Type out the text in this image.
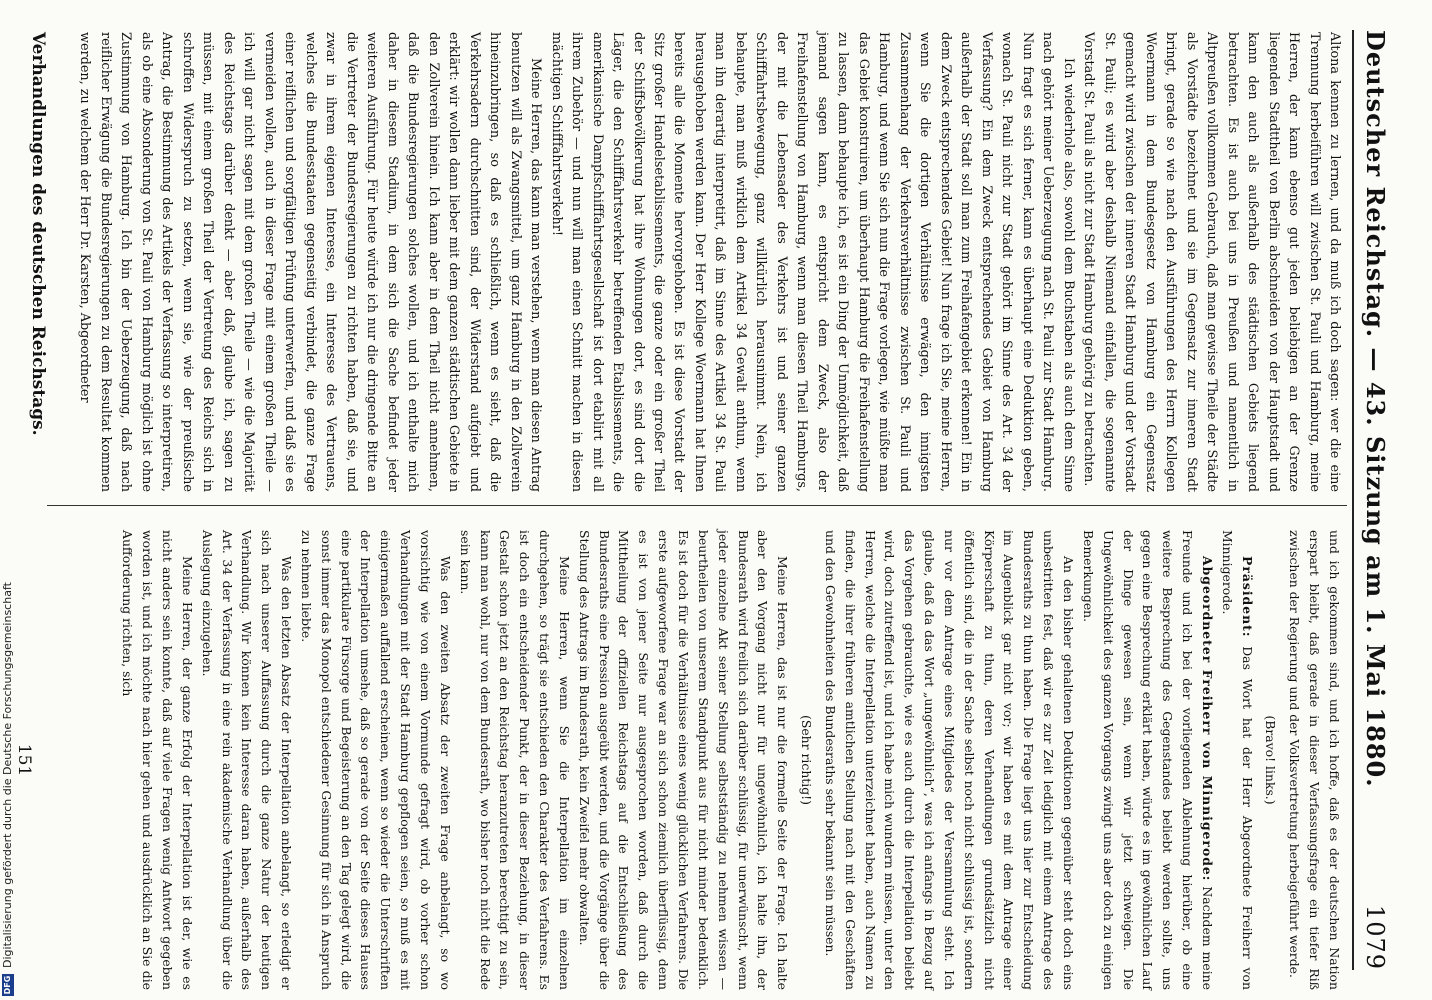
Deutscher Reichstag. — 43. Sitzung am 1. Mai 1880.
1079

Altona kennen zu lernen, und da muß ich doch sagen: wer die eine Trennung herbeiführen will zwischen St. Pauli und Hamburg, meine Herren, der kann ebenso gut jeden beliebigen an der Grenze liegenden Stadttheil von Berlin abschneiden von der Hauptstadt und kann den auch als außerhalb des städtischen Gebiets liegend betrachten. Es ist auch bei uns in Preußen und namentlich in Altpreußen vollkommen Gebrauch, daß man gewisse Theile der Städte als Vorstädte bezeichnet und sie im Gegensatz zur inneren Stadt bringt, gerade so wie nach den Ausführungen des Herrn Kollegen Woermann in dem Bundesgesetz von Hamburg ein Gegensatz gemacht wird zwischen der inneren Stadt Hamburg und der Vorstadt St. Pauli; es wird aber deshalb Niemand einfallen, die sogenannte Vorstadt St. Pauli als nicht zur Stadt Hamburg gehörig zu betrachten.

Ich wiederhole also, sowohl dem Buchstaben als auch dem Sinne nach gehört meiner Ueberzeugung nach St. Pauli zur Stadt Hamburg. Nun fragt es sich ferner, kann es überhaupt eine Deduktion geben, wonach St. Pauli nicht zur Stadt gehört im Sinne des Art. 34 der Verfassung? Ein dem Zweck entsprechendes Gebiet von Hamburg außerhalb der Stadt soll man zum Freihafengebiet erkennen! Ein in dem Zweck entsprechendes Gebiet! Nun frage ich Sie, meine Herren, wenn Sie die dortigen Verhältnisse erwägen, den innigsten Zusammenhang der Verkehrsverhältnisse zwischen St. Pauli und Hamburg, und wenn Sie sich nun die Frage vorlegen, wie müßte man das Gebiet konstruiren, um überhaupt Hamburg die Freihafenstellung zu lassen, dann behaupte ich, es ist ein Ding der Unmöglichkeit, daß jemand sagen kann, es entspricht dem Zweck, also der Freihafenstellung von Hamburg, wenn man diesen Theil Hamburgs, der mit die Lebensader des Verkehrs ist und seiner ganzen Schifffahrtsbewegung, ganz willkürlich herausnimmt. Nein, ich behaupte, man muß wirklich dem Artikel 34 Gewalt anthun, wenn man ihn derartig interpretirt, daß im Sinne des Artikel 34 St. Pauli herausgehoben werden kann. Der Herr Kollege Woermann hat Ihnen bereits alle die Momente hervorgehoben. Es ist diese Vorstadt der Sitz großer Handelsetablissements, die ganze oder ein großer Theil der Schiffsbevölkerung hat ihre Wohnungen dort, es sind dort die Läger, die den Schifffahrtsverkehr betreffenden Etablissements, die amerikanische Dampfschifffahrtsgesellschaft ist dort etablirt mit all ihrem Zubehör — und nun will man einen Schnitt machen in diesen mächtigen Schifffahrtsverkehr!

Meine Herren, das kann man verstehen, wenn man diesen Antrag benutzen will als Zwangsmittel, um ganz Hamburg in den Zollverein hineinzubringen, so daß es schließlich, wenn es sieht, daß die Verkehrsadern durchschnitten sind, der Widerstand aufgiebt und erklärt: wir wollen dann lieber mit dem ganzen städtischen Gebiete in den Zollverein hinein. Ich kann aber in dem Theil nicht annehmen, daß die Bundesregierungen solches wollen, und ich enthalte mich daher in diesem Stadium, in dem sich die Sache befindet jeder weiteren Ausführung. Für heute würde ich nur die dringende Bitte an die Vertreter der Bundesregierungen zu richten haben, daß sie, und zwar in ihrem eigenen Interesse, ein Interesse des Vertrauens, welches die Bundesstaaten gegenseitig verbindet, die ganze Frage einer reiflichen und sorgfältigen Prüfung unterwerfen, und daß sie es vermeiden wollen, auch in dieser Frage mit einem großen Theile — ich will gar nicht sagen mit dem großen Theile — wie die Majorität des Reichstags darüber denkt — aber daß, glaube ich, sagen zu müssen, mit einem großen Theil der Vertretung des Reichs sich in schroffen Widerspruch zu setzen, wenn sie, wie der preußische Antrag, die Bestimmung des Artikels der Verfassung so interpretiren, als ob eine Absonderung von St. Pauli von Hamburg möglich ist ohne Zustimmung von Hamburg. Ich bin der Ueberzeugung, daß nach reiflicher Erwägung die Bundesregierungen zu dem Resultat kommen werden, zu welchem der Herr Dr. Karsten, Abgeordneter

und ich gekommen sind, und ich hoffe, daß es der deutschen Nation erspart bleibt, daß gerade in dieser Verfassungsfrage ein tiefer Riß zwischen der Regierung und der Volksvertretung herbeigeführt werde.

(Bravo! links.)

Präsident: Das Wort hat der Herr Abgeordnete Freiherr von Minnigerode.

Abgeordneter Freiherr von Minnigerode: Nachdem meine Freunde und ich bei der vorliegenden Ablehnung hierüber, ob eine weitere Besprechung des Gegenstandes beliebt werden sollte, uns gegen eine Besprechung erklärt haben, würde es im gewöhnlichen Lauf der Dinge gewesen sein, wenn wir jetzt schweigen. Die Ungewöhnlichkeit des ganzen Vorgangs zwingt uns aber doch zu einigen Bemerkungen.

An den bisher gehaltenen Deduktionen gegenüber steht doch eins unbestritten fest, daß wir es zur Zeit lediglich mit einem Antrage des Bundesraths zu thun haben. Die Frage liegt uns hier zur Entscheidung im Augenblick gar nicht vor; wir haben es mit dem Antrage einer Körperschaft zu thun, deren Verhandlungen grundsätzlich nicht öffentlich sind, die in der Sache selbst noch nicht schlüssig ist, sondern nur vor dem Antrage eines Mitgliedes der Versammlung steht. Ich glaube, daß da das Wort „ungewöhnlich“, was ich anfangs in Bezug auf das Vorgehen gebrauchte, wie es auch durch die Interpellation beliebt wird, doch zutreffend ist, und ich habe mich wundern müssen, unter den Herren, welche die Interpellation unterzeichnet haben, auch Namen zu finden, die ihrer früheren amtlichen Stellung nach mit den Geschäften und den Gewohnheiten des Bundesraths sehr bekannt sein müssen.

(Sehr richtig!)

Meine Herren, das ist nur die formelle Seite der Frage. Ich halte aber den Vorgang nicht nur für ungewöhnlich, ich halte ihn, der Bundesrath wird freilich sich darüber schlüssig, für unerwünscht, wenn jeder einzelne Akt seiner Stellung selbstständig zu nehmen wissen — beurtheilen von unserem Standpunkt aus für nicht minder bedenklich. Es ist doch für die Verhältnisse eines wenig glücklichen Verfahrens. Die erste aufgeworfene Frage war an sich schon ziemlich überflüssig, denn es ist von jener Seite nur ausgesprochen worden, daß durch die Mittheilung der offiziellen Reichstags auf die Entschließung des Bundesraths eine Pression ausgeübt werden, und die Vorgänge über die Stellung des Antrags im Bundesrath, kein Zweifel mehr obwalten.

Meine Herren, wenn Sie die Interpellation im einzelnen durchgehen, so trägt sie entschieden den Charakter des Verfahrens. Es ist doch ein entscheidender Punkt, der in dieser Beziehung, in dieser Gestalt schon jetzt an den Reichstag heranzutreten berechtigt zu sein, kann man wohl, nur von dem Bundesrath, wo bisher noch nicht die Rede sein kann.

Was den zweiten Absatz der zweiten Frage anbelangt, so wo vorsichtig wie von einem Vormunde gefragt wird, ob vorher schon Verhandlungen mit der Stadt Hamburg gepflogen seien, so muß es mit einigermaßen auffallend erscheinen, wenn so wieder die Unterschriften der Interpellation umsehe, daß so gerade von der Seite dieses Hauses eine partikulare Fürsorge und Begeisterung an den Tag gelegt wird, die sonst immer das Monopol entschiedener Gesinnung für sich in Anspruch zu nehmen liebte.

Was den letzten Absatz der Interpellation anbelangt, so erledigt er sich nach unserer Auffassung durch die ganze Natur der heutigen Verhandlung. Wir können kein Interesse daran haben, außerhalb des Art. 34 der Verfassung in eine rein akademische Verhandlung über die Auslegung einzugehen.

Meine Herren, der ganze Erfolg der Interpellation ist der, wie es nicht anders sein konnte, daß auf viele Fragen wenig Antwort gegeben worden ist, und ich möchte nach hier gehen und ausdrücklich an Sie die Aufforderung richten, sich

Verhandlungen des deutschen Reichstags.
151
DFGDigitalisierung gefördert durch die Deutsche Forschungsgemeinschaft
